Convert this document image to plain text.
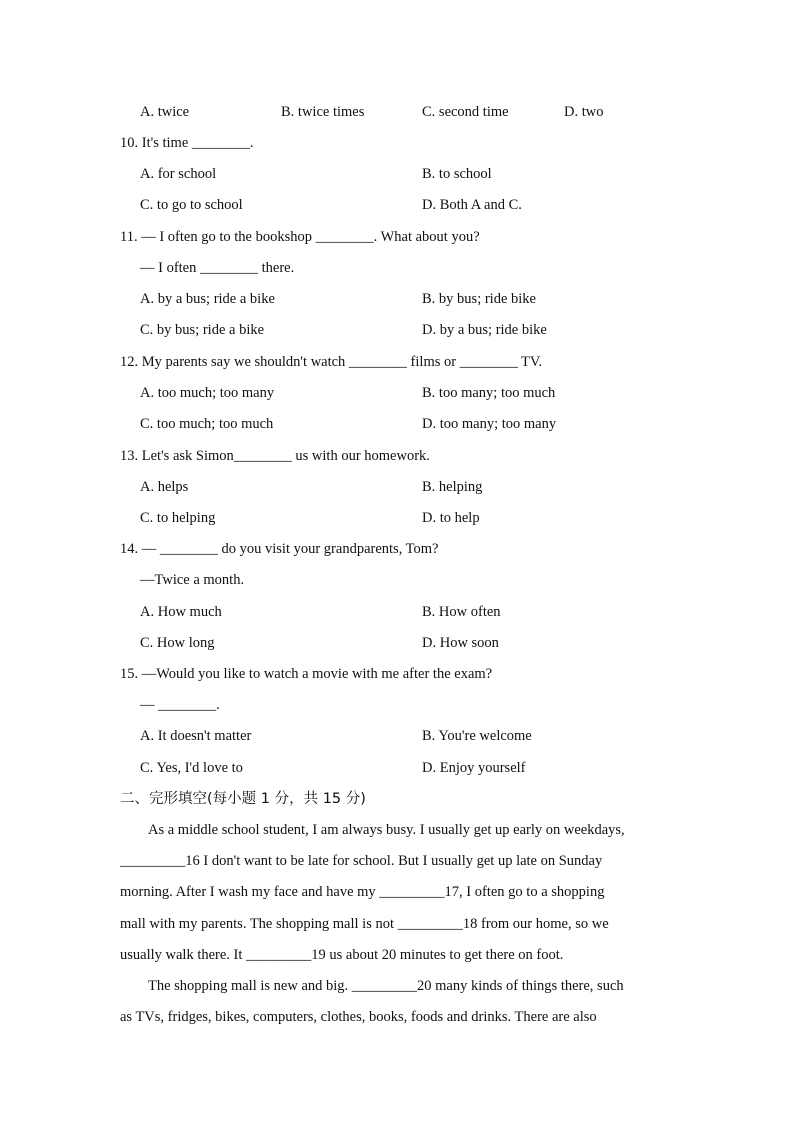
A. twice	B. twice times	C. second time	D. two
10. It's time ________.
A. for school	B. to school
C. to go to school	D. Both A and C.
11. — I often go to the bookshop ________. What about you?
— I often ________ there.
A. by a bus; ride a bike	B. by bus; ride bike
C. by bus; ride a bike	D. by a bus; ride bike
12. My parents say we shouldn't watch ________ films or ________ TV.
A. too much; too many	B. too many; too much
C. too much; too much	D. too many; too many
13. Let's ask Simon________ us with our homework.
A. helps	B. helping
C. to helping	D. to help
14. — ________ do you visit your grandparents, Tom?
—Twice a month.
A. How much	B. How often
C. How long	D. How soon
15. —Would you like to watch a movie with me after the exam?
— ________.
A. It doesn't matter	B. You're welcome
C. Yes, I'd love to	D. Enjoy yourself
二、完形填空(每小题 1 分，共 15 分)
As a middle school student, I am always busy. I usually get up early on weekdays,
_________16 I don't want to be late for school. But I usually get up late on Sunday
morning. After I wash my face and have my _________17, I often go to a shopping
mall with my parents. The shopping mall is not _________18 from our home, so we
usually walk there. It _________19 us about 20 minutes to get there on foot.
The shopping mall is new and big. _________20 many kinds of things there, such
as TVs, fridges, bikes, computers, clothes, books, foods and drinks. There are also
